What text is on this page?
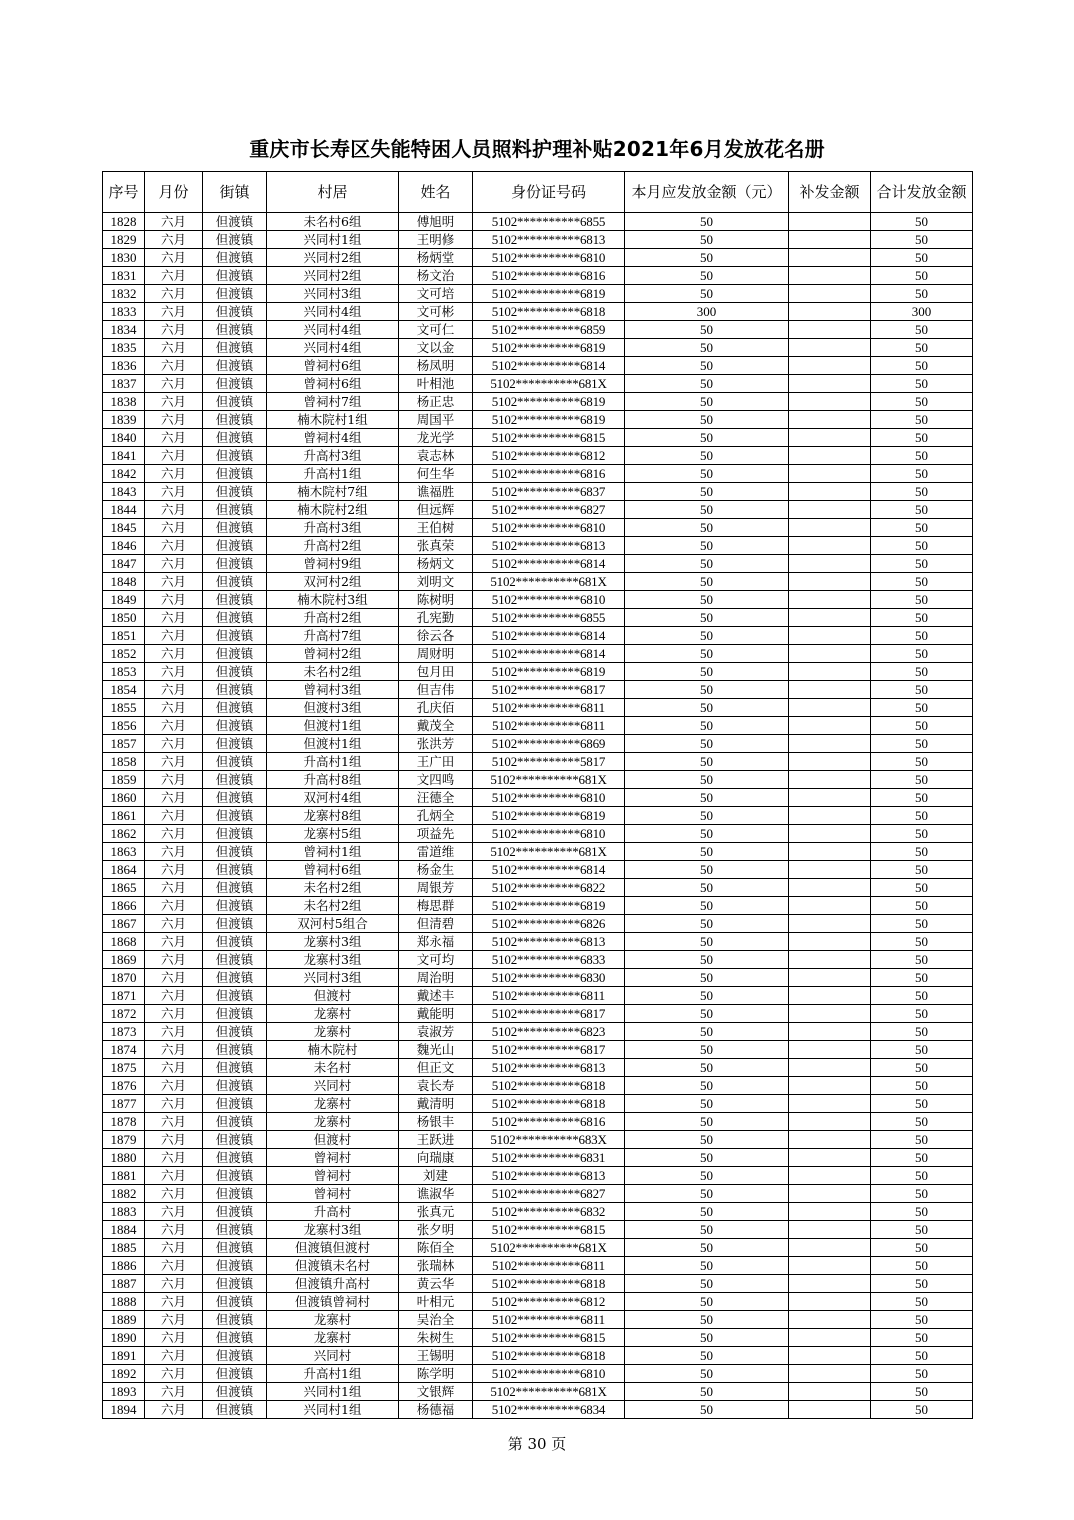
重庆市长寿区失能特困人员照料护理补贴2021年6月发放花名册
序号	月份	街镇	村居	姓名	身份证号码	本月应发放金额（元）	补发金额	合计发放金额
1828	六月	但渡镇	未名村6组	傅旭明	5102**********6855	50		50
1829	六月	但渡镇	兴同村1组	王明修	5102**********6813	50		50
1830	六月	但渡镇	兴同村2组	杨炳堂	5102**********6810	50		50
1831	六月	但渡镇	兴同村2组	杨文治	5102**********6816	50		50
1832	六月	但渡镇	兴同村3组	文可培	5102**********6819	50		50
1833	六月	但渡镇	兴同村4组	文可彬	5102**********6818	300		300
1834	六月	但渡镇	兴同村4组	文可仁	5102**********6859	50		50
1835	六月	但渡镇	兴同村4组	文以金	5102**********6819	50		50
1836	六月	但渡镇	曾祠村6组	杨凤明	5102**********6814	50		50
1837	六月	但渡镇	曾祠村6组	叶相池	5102**********681X	50		50
1838	六月	但渡镇	曾祠村7组	杨正忠	5102**********6819	50		50
1839	六月	但渡镇	楠木院村1组	周国平	5102**********6819	50		50
1840	六月	但渡镇	曾祠村4组	龙光学	5102**********6815	50		50
1841	六月	但渡镇	升高村3组	袁志林	5102**********6812	50		50
1842	六月	但渡镇	升高村1组	何生华	5102**********6816	50		50
1843	六月	但渡镇	楠木院村7组	谯福胜	5102**********6837	50		50
1844	六月	但渡镇	楠木院村2组	但远辉	5102**********6827	50		50
1845	六月	但渡镇	升高村3组	王伯树	5102**********6810	50		50
1846	六月	但渡镇	升高村2组	张真荣	5102**********6813	50		50
1847	六月	但渡镇	曾祠村9组	杨炳文	5102**********6814	50		50
1848	六月	但渡镇	双河村2组	刘明文	5102**********681X	50		50
1849	六月	但渡镇	楠木院村3组	陈树明	5102**********6810	50		50
1850	六月	但渡镇	升高村2组	孔宪勤	5102**********6855	50		50
1851	六月	但渡镇	升高村7组	徐云各	5102**********6814	50		50
1852	六月	但渡镇	曾祠村2组	周财明	5102**********6814	50		50
1853	六月	但渡镇	未名村2组	包月田	5102**********6819	50		50
1854	六月	但渡镇	曾祠村3组	但吉伟	5102**********6817	50		50
1855	六月	但渡镇	但渡村3组	孔庆佰	5102**********6811	50		50
1856	六月	但渡镇	但渡村1组	戴茂全	5102**********6811	50		50
1857	六月	但渡镇	但渡村1组	张洪芳	5102**********6869	50		50
1858	六月	但渡镇	升高村1组	王广田	5102**********5817	50		50
1859	六月	但渡镇	升高村8组	文四鸣	5102**********681X	50		50
1860	六月	但渡镇	双河村4组	汪德全	5102**********6810	50		50
1861	六月	但渡镇	龙寨村8组	孔炳全	5102**********6819	50		50
1862	六月	但渡镇	龙寨村5组	项益先	5102**********6810	50		50
1863	六月	但渡镇	曾祠村1组	雷道维	5102**********681X	50		50
1864	六月	但渡镇	曾祠村6组	杨金生	5102**********6814	50		50
1865	六月	但渡镇	未名村2组	周银芳	5102**********6822	50		50
1866	六月	但渡镇	未名村2组	梅思群	5102**********6819	50		50
1867	六月	但渡镇	双河村5组合	但清碧	5102**********6826	50		50
1868	六月	但渡镇	龙寨村3组	郑永福	5102**********6813	50		50
1869	六月	但渡镇	龙寨村3组	文可均	5102**********6833	50		50
1870	六月	但渡镇	兴同村3组	周治明	5102**********6830	50		50
1871	六月	但渡镇	但渡村	戴述丰	5102**********6811	50		50
1872	六月	但渡镇	龙寨村	戴能明	5102**********6817	50		50
1873	六月	但渡镇	龙寨村	袁淑芳	5102**********6823	50		50
1874	六月	但渡镇	楠木院村	魏光山	5102**********6817	50		50
1875	六月	但渡镇	未名村	但正文	5102**********6813	50		50
1876	六月	但渡镇	兴同村	袁长寿	5102**********6818	50		50
1877	六月	但渡镇	龙寨村	戴清明	5102**********6818	50		50
1878	六月	但渡镇	龙寨村	杨银丰	5102**********6816	50		50
1879	六月	但渡镇	但渡村	王跃进	5102**********683X	50		50
1880	六月	但渡镇	曾祠村	向瑞康	5102**********6831	50		50
1881	六月	但渡镇	曾祠村	刘建	5102**********6813	50		50
1882	六月	但渡镇	曾祠村	谯淑华	5102**********6827	50		50
1883	六月	但渡镇	升高村	张真元	5102**********6832	50		50
1884	六月	但渡镇	龙寨村3组	张夕明	5102**********6815	50		50
1885	六月	但渡镇	但渡镇但渡村	陈佰全	5102**********681X	50		50
1886	六月	但渡镇	但渡镇未名村	张瑞林	5102**********6811	50		50
1887	六月	但渡镇	但渡镇升高村	黄云华	5102**********6818	50		50
1888	六月	但渡镇	但渡镇曾祠村	叶相元	5102**********6812	50		50
1889	六月	但渡镇	龙寨村	吴治全	5102**********6811	50		50
1890	六月	但渡镇	龙寨村	朱树生	5102**********6815	50		50
1891	六月	但渡镇	兴同村	王锡明	5102**********6818	50		50
1892	六月	但渡镇	升高村1组	陈学明	5102**********6810	50		50
1893	六月	但渡镇	兴同村1组	文银辉	5102**********681X	50		50
1894	六月	但渡镇	兴同村1组	杨德福	5102**********6834	50		50
第 30 页
